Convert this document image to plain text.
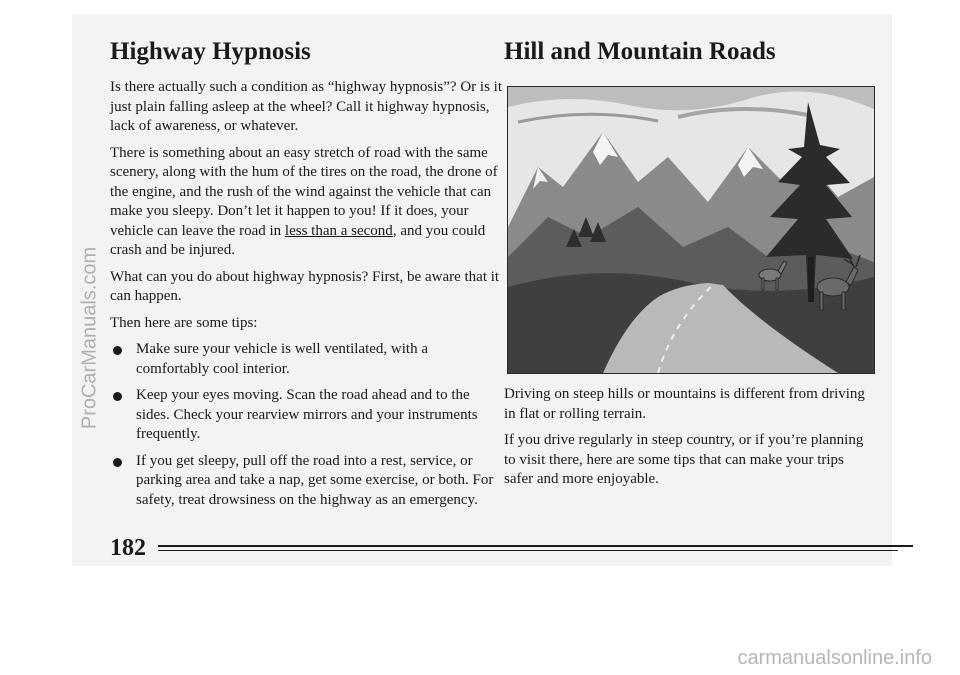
Highway Hypnosis

Is there actually such a condition as “highway hypnosis”? Or is it just plain falling asleep at the wheel? Call it highway hypnosis, lack of awareness, or whatever.

There is something about an easy stretch of road with the same scenery, along with the hum of the tires on the road, the drone of the engine, and the rush of the wind against the vehicle that can make you sleepy. Don’t let it happen to you! If it does, your vehicle can leave the road in less than a second, and you could crash and be injured.

What can you do about highway hypnosis? First, be aware that it can happen.

Then here are some tips:

Make sure your vehicle is well ventilated, with a comfortably cool interior.
Keep your eyes moving. Scan the road ahead and to the sides. Check your rearview mirrors and your instruments frequently.
If you get sleepy, pull off the road into a rest, service, or parking area and take a nap, get some exercise, or both. For safety, treat drowsiness on the highway as an emergency.
Hill and Mountain Roads

Driving on steep hills or mountains is different from driving in flat or rolling terrain.

If you drive regularly in steep country, or if you’re planning to visit there, here are some tips that can make your trips safer and more enjoyable.

182
ProCarManuals.com
carmanualsonline.info
